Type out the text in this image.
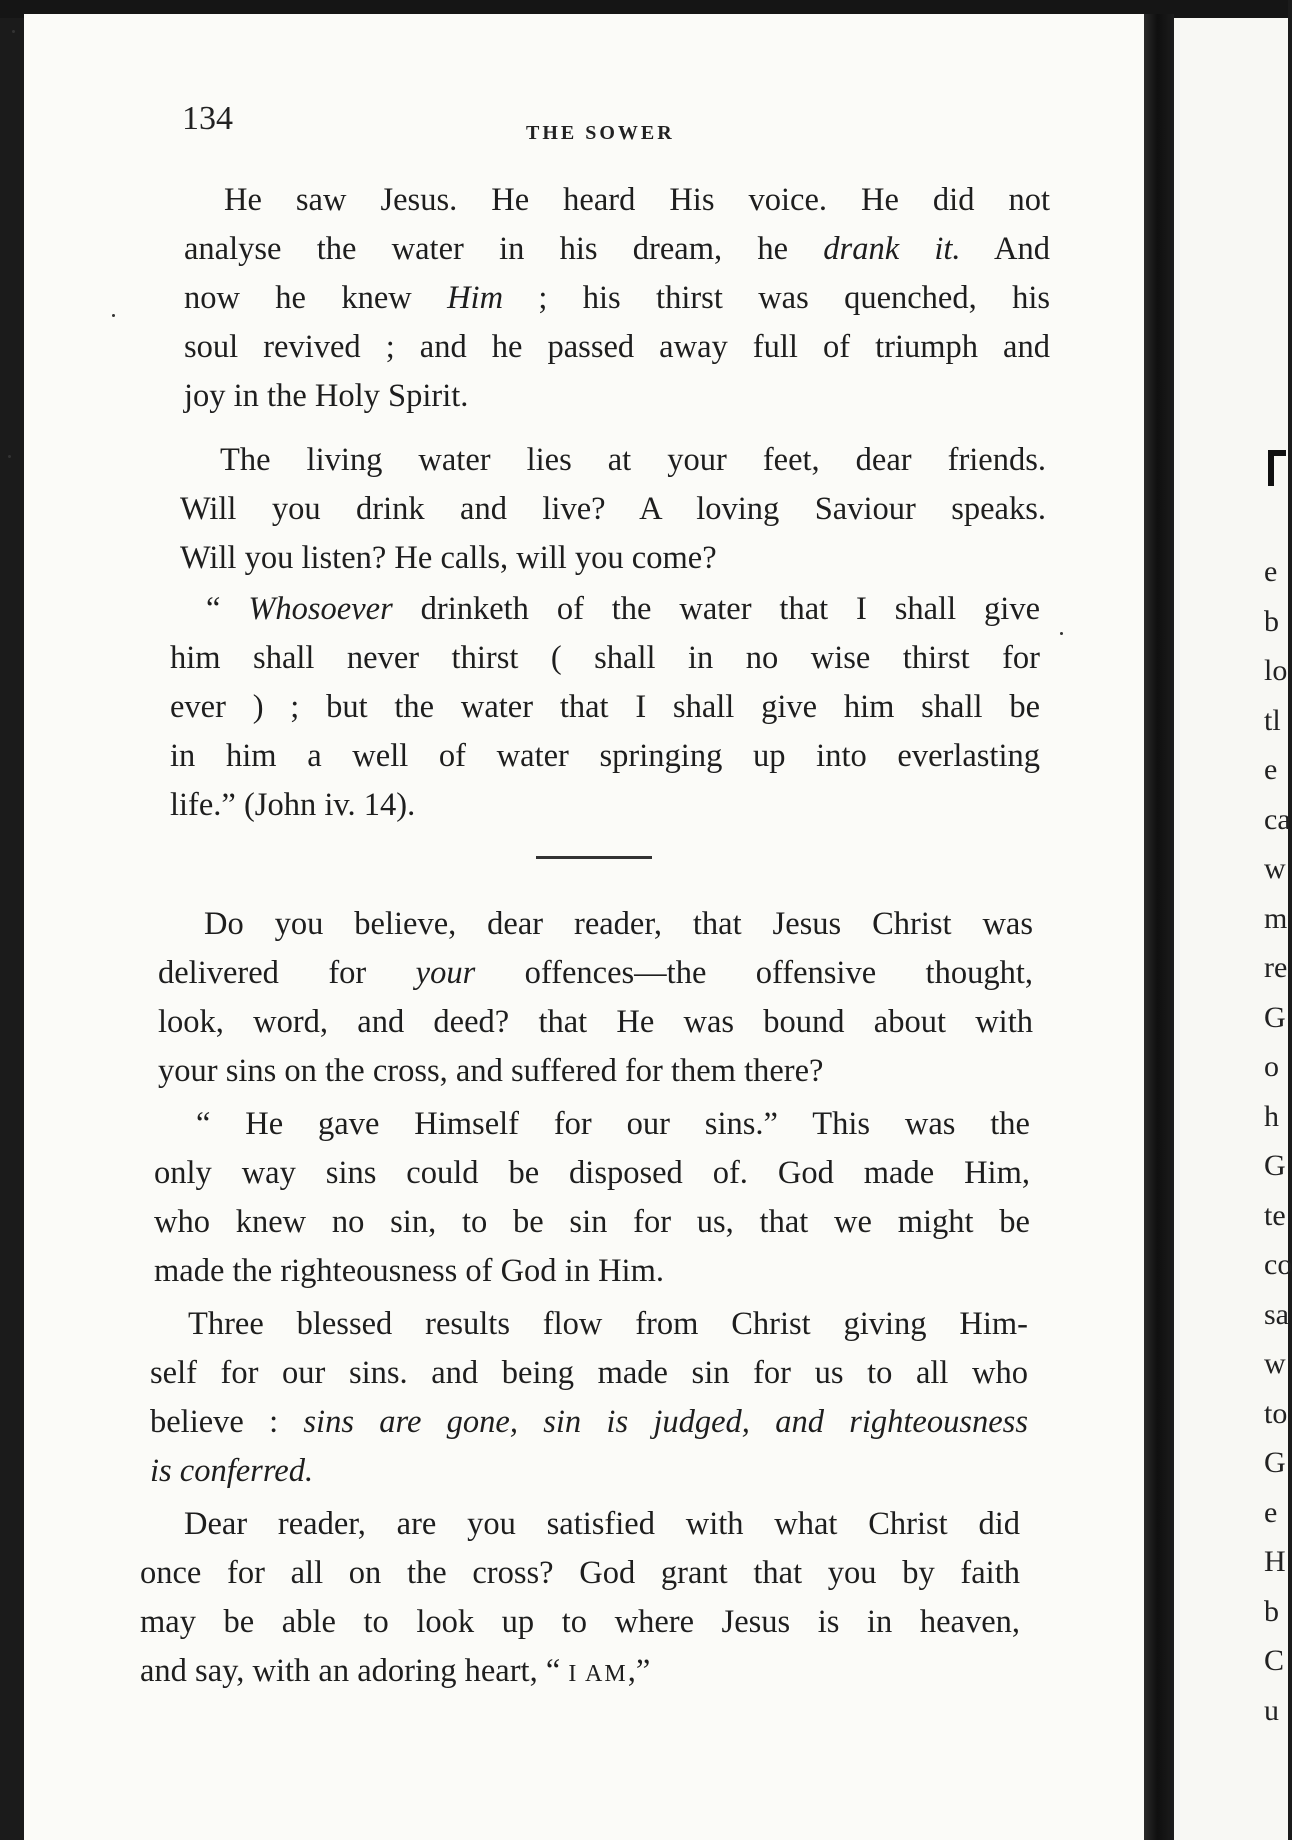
134	THE SOWER
He saw Jesus. He heard His voice. He did not
analyse the water in his dream, he drank it. And
now he knew Him ; his thirst was quenched, his
soul revived ; and he passed away full of triumph and
joy in the Holy Spirit.
The living water lies at your feet, dear friends.
Will you drink and live? A loving Saviour speaks.
Will you listen? He calls, will you come?
“ Whosoever drinketh of the water that I shall give
him shall never thirst ( shall in no wise thirst for
ever ) ; but the water that I shall give him shall be
in him a well of water springing up into everlasting
life.” (John iv. 14).
Do you believe, dear reader, that Jesus Christ was
delivered for your offences—the offensive thought,
look, word, and deed? that He was bound about with
your sins on the cross, and suffered for them there?
“ He gave Himself for our sins.” This was the
only way sins could be disposed of. God made Him,
who knew no sin, to be sin for us, that we might be
made the righteousness of God in Him.
Three blessed results flow from Christ giving Him-
self for our sins. and being made sin for us to all who
believe : sins are gone, sin is judged, and righteousness
is conferred.
Dear reader, are you satisfied with what Christ did
once for all on the cross? God grant that you by faith
may be able to look up to where Jesus is in heaven,
and say, with an adoring heart, “ I AM,”
e
b
lo
tl
e
ca
w
m
re
G
o
h
G
te
co
sa
w
to
G
e
H
b
C
u
